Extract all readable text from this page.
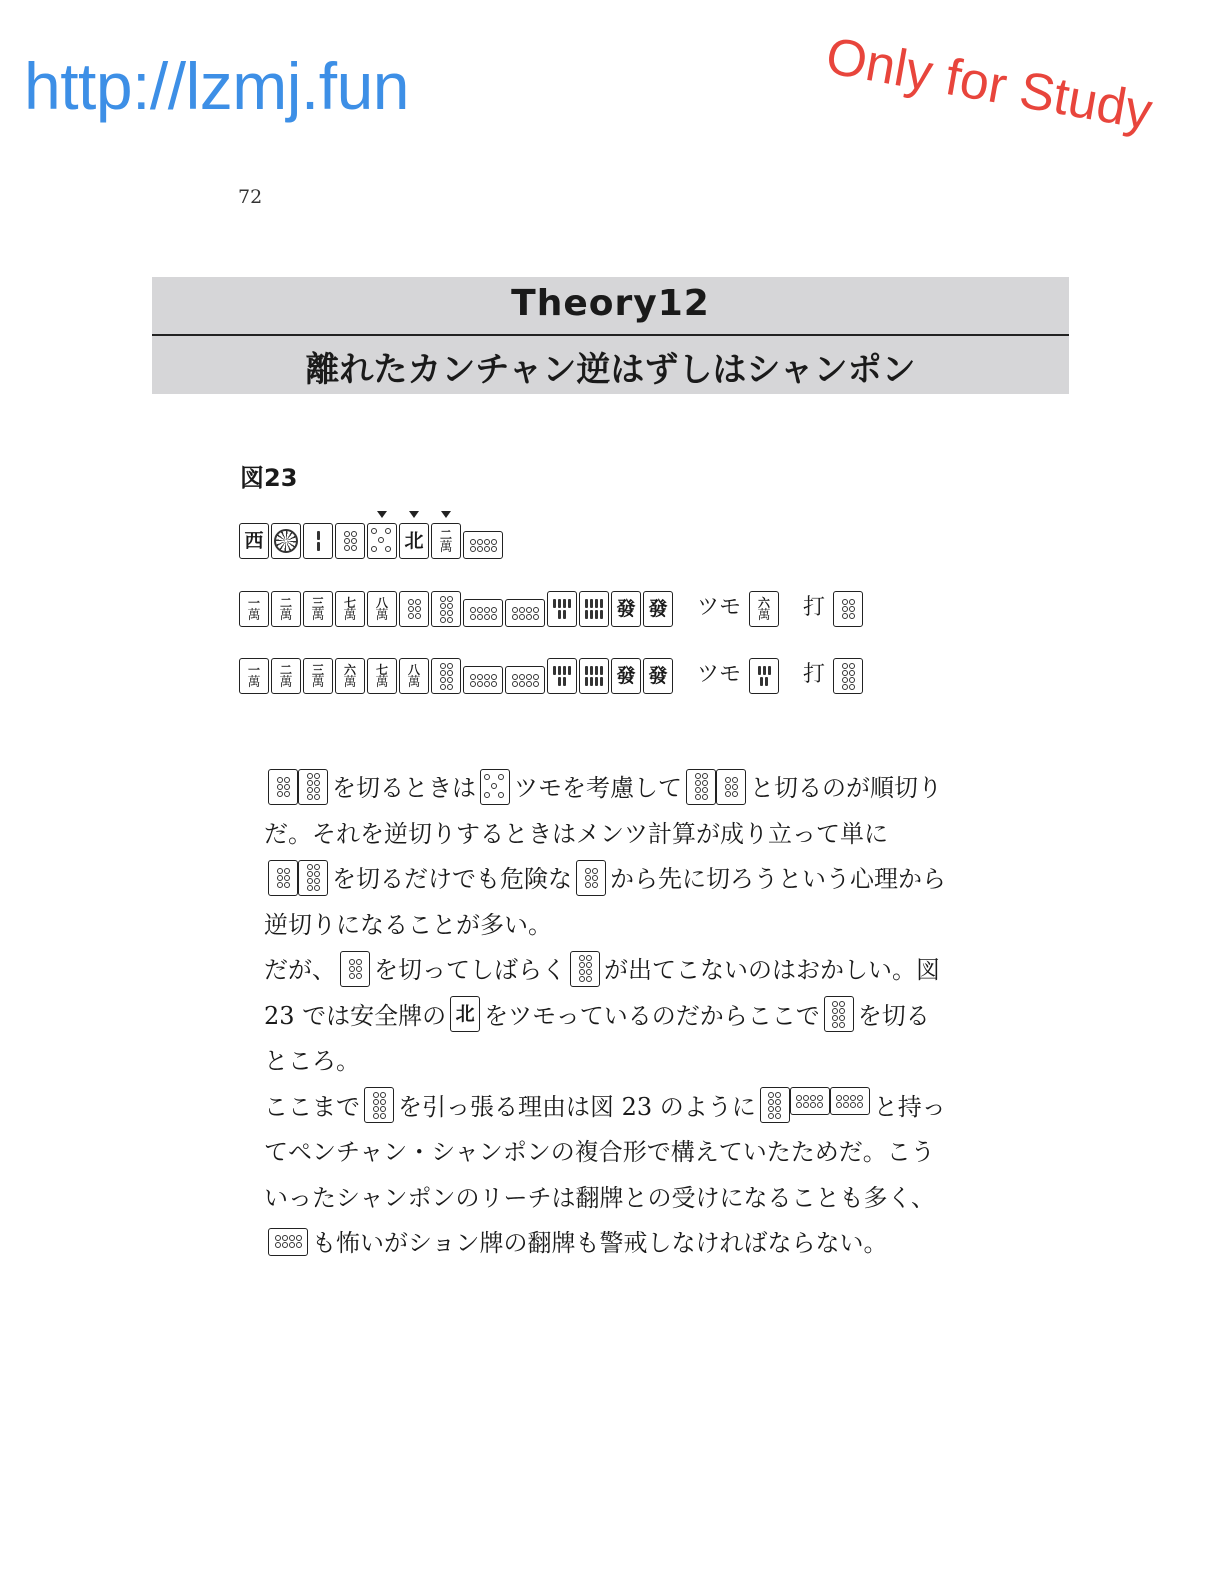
http://lzmj.fun	Only for Study
72
Theory12
離れたカンチャン逆はずしはシャンポン
図23
西	北 二
萬
一
萬
二
萬
三
萬
七
萬
八
萬	發 發 ツモ 六
萬 打
一
萬
二
萬
三
萬
六
萬
七
萬
八
萬	發 發 ツモ	打

を切るときは ツモを考慮して	と切るのが順切りだ。それを逆切りするときはメンツ計算が成り立って単に
を切るだけでも危険な から先に切ろうという心理から逆切りになることが多い。

だが、 を切ってしばらく が出てこないのはおかしい。図 23 では安全牌の 北 をツモっているのだからここで を切るところ。

ここまで を引っ張る理由は図 23 のように	と持ってペンチャン・シャンポンの複合形で構えていたためだ。こういったシャンポンのリーチは翻牌との受けになることも多く、
も怖いがション牌の翻牌も警戒しなければならない。
